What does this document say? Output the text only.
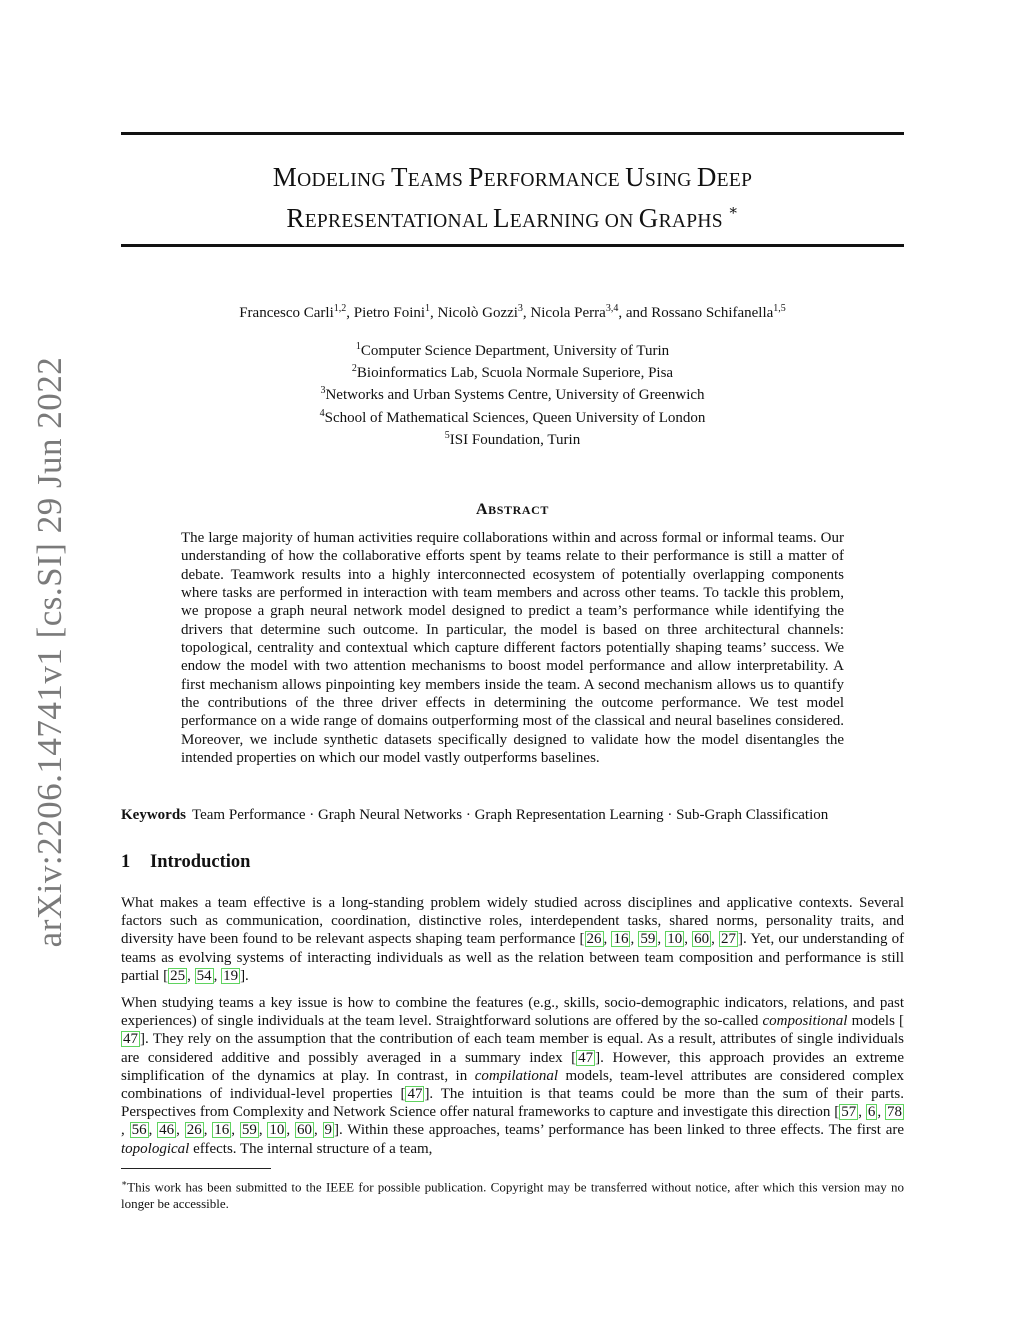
arXiv:2206.14741v1 [cs.SI] 29 Jun 2022
MODELING TEAMS PERFORMANCE USING DEEP
REPRESENTATIONAL LEARNING ON GRAPHS ∗
Francesco Carli$^{1,2}$, Pietro Foini$^1$, Nicolò Gozzi$^3$, Nicola Perra$^{3,4}$, and Rossano Schifanella$^{1,5}$
$^1$Computer Science Department, University of Turin
$^2$Bioinformatics Lab, Scuola Normale Superiore, Pisa
$^3$Networks and Urban Systems Centre, University of Greenwich
$^4$School of Mathematical Sciences, Queen University of London
$^5$ISI Foundation, Turin
ABSTRACT
The large majority of human activities require collaborations within and across formal or informal teams. Our understanding of how the collaborative efforts spent by teams relate to their performance is still a matter of debate. Teamwork results into a highly interconnected ecosystem of potentially overlapping components where tasks are performed in interaction with team members and across other teams. To tackle this problem, we propose a graph neural network model designed to predict a team’s performance while identifying the drivers that determine such outcome. In particular, the model is based on three architectural channels: topological, centrality and contextual which capture different factors potentially shaping teams’ success. We endow the model with two attention mechanisms to boost model performance and allow interpretability. A first mechanism allows pinpointing key members inside the team. A second mechanism allows us to quantify the contributions of the three driver effects in determining the outcome performance. We test model performance on a wide range of domains outperforming most of the classical and neural baselines considered. Moreover, we include synthetic datasets specifically designed to validate how the model disentangles the intended properties on which our model vastly outperforms baselines.
Keywords Team Performance · Graph Neural Networks · Graph Representation Learning · Sub-Graph Classification
1 Introduction
What makes a team effective is a long-standing problem widely studied across disciplines and applicative contexts. Several factors such as communication, coordination, distinctive roles, interdependent tasks, shared norms, personality traits, and diversity have been found to be relevant aspects shaping team performance [ 26 , 16 , 59 , 10 , 60 , 27 ]. Yet, our understanding of teams as evolving systems of interacting individuals as well as the relation between team composition and performance is still partial [ 25 , 54 , 19 ].
When studying teams a key issue is how to combine the features (e.g., skills, socio-demographic indicators, relations, and past experiences) of single individuals at the team level. Straightforward solutions are offered by the so-called compositional models [47 ]. They rely on the assumption that the contribution of each team member is equal. As a result, attributes of single individuals are considered additive and possibly averaged in a summary index [ 47 ]. However, this approach provides an extreme simplification of the dynamics at play. In contrast, in compilational models, team-level attributes are considered complex combinations of individual-level properties [ 47 ]. The intuition is that teams could be more than the sum of their parts. Perspectives from Complexity and Network Science offer natural frameworks to capture and investigate this direction [ 57 , 6 , 78, 56 , 46 , 26 , 16 , 59 , 10 , 60 , 9 ]. Within these approaches, teams’ performance has been linked to three effects. The first are topological effects. The internal structure of a team,
∗This work has been submitted to the IEEE for possible publication. Copyright may be transferred without notice, after which this version may no longer be accessible.
